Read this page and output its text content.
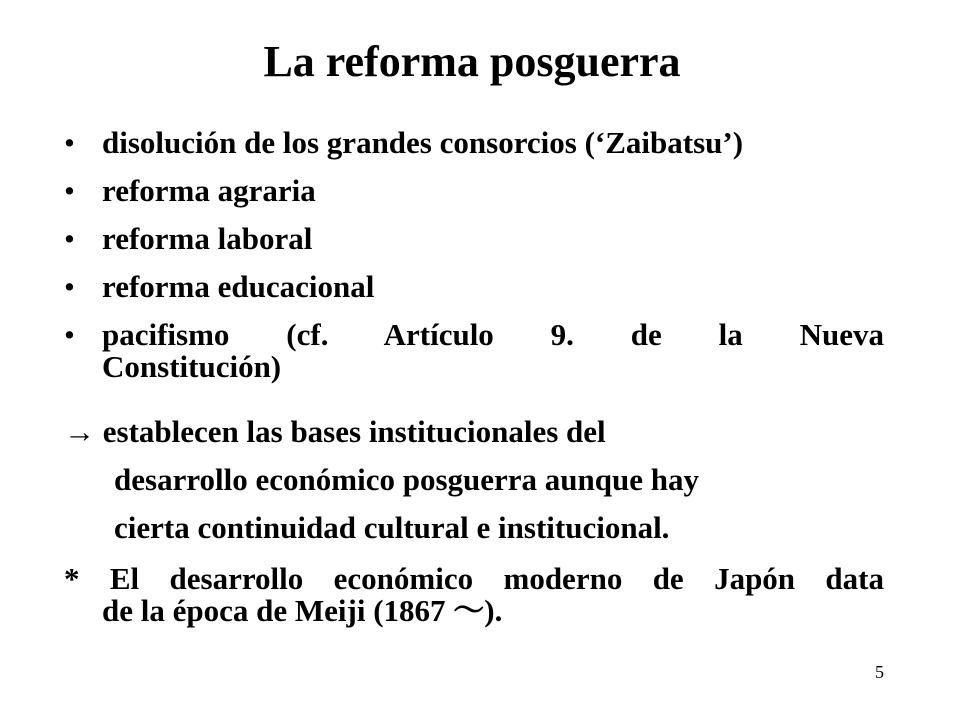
La reforma posguerra
• disolución de los grandes consorcios (‘Zaibatsu’)
• reforma agraria
• reforma laboral
• reforma educacional
• pacifismo (cf. Artículo 9. de la Nueva
Constitución)

→ establecen las bases institucionales del

desarrollo económico posguerra aunque hay

cierta continuidad cultural e institucional.

* El desarrollo económico moderno de Japón data
de la época de Meiji (1867 ～).

5
